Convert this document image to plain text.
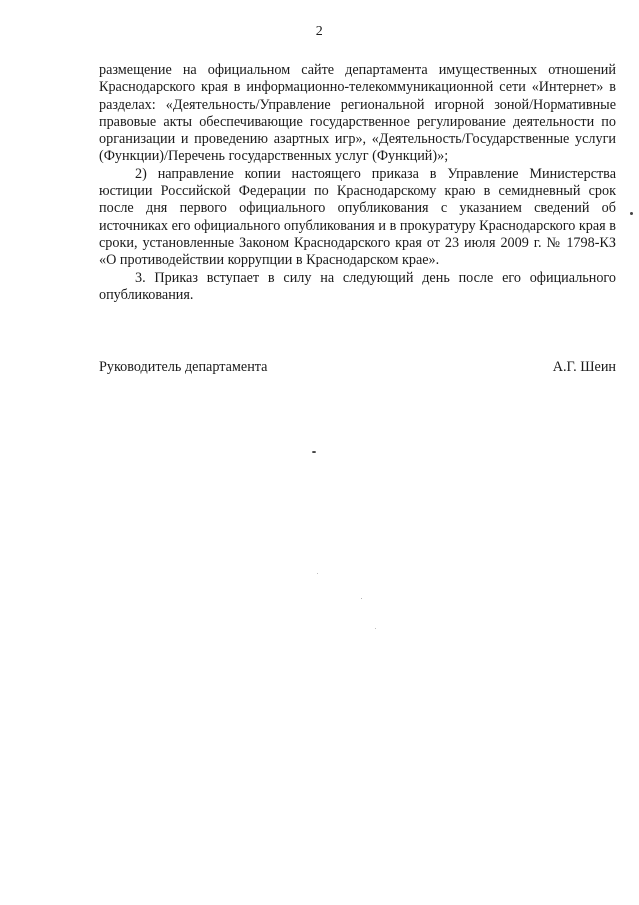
2

размещение на официальном сайте департамента имущественных отношений Краснодарского края в информационно-телекоммуникационной сети «Интернет» в разделах: «Деятельность/Управление региональной игорной зоной/Нормативные правовые акты обеспечивающие государственное регулирование деятельности по организации и проведению азартных игр», «Деятельность/Государственные услуги (Функции)/Перечень государственных услуг (Функций)»;

2) направление копии настоящего приказа в Управление Министерства юстиции Российской Федерации по Краснодарскому краю в семидневный срок после дня первого официального опубликования с указанием сведений об источниках его официального опубликования и в прокуратуру Краснодарского края в сроки, установленные Законом Краснодарского края от 23 июля 2009 г. № 1798-КЗ «О противодействии коррупции в Краснодарском крае».

3. Приказ вступает в силу на следующий день после его официального опубликования.

Руководитель департамента	А.Г. Шеин
